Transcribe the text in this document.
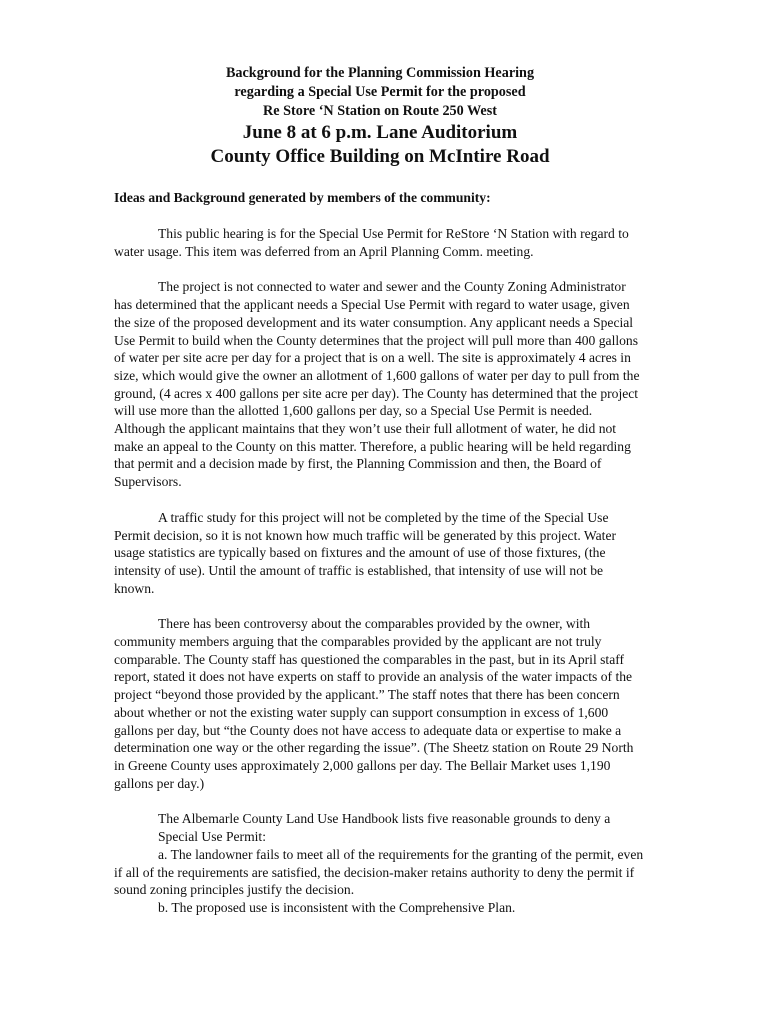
Background for the Planning Commission Hearing
regarding a Special Use Permit for the proposed
Re Store ‘N Station on Route 250 West
June 8 at 6 p.m. Lane Auditorium
County Office Building on McIntire Road
Ideas and Background generated by members of the community:

This public hearing is for the Special Use Permit for ReStore ‘N Station with regard to water usage. This item was deferred from an April Planning Comm. meeting.

The project is not connected to water and sewer and the County Zoning Administrator has determined that the applicant needs a Special Use Permit with regard to water usage, given the size of the proposed development and its water consumption. Any applicant needs a Special Use Permit to build when the County determines that the project will pull more than 400 gallons of water per site acre per day for a project that is on a well. The site is approximately 4 acres in size, which would give the owner an allotment of 1,600 gallons of water per day to pull from the ground, (4 acres x 400 gallons per site acre per day). The County has determined that the project will use more than the allotted 1,600 gallons per day, so a Special Use Permit is needed. Although the applicant maintains that they won’t use their full allotment of water, he did not make an appeal to the County on this matter. Therefore, a public hearing will be held regarding that permit and a decision made by first, the Planning Commission and then, the Board of Supervisors.

A traffic study for this project will not be completed by the time of the Special Use Permit decision, so it is not known how much traffic will be generated by this project. Water usage statistics are typically based on fixtures and the amount of use of those fixtures, (the intensity of use). Until the amount of traffic is established, that intensity of use will not be known.

There has been controversy about the comparables provided by the owner, with community members arguing that the comparables provided by the applicant are not truly comparable. The County staff has questioned the comparables in the past, but in its April staff report, stated it does not have experts on staff to provide an analysis of the water impacts of the project “beyond those provided by the applicant.” The staff notes that there has been concern about whether or not the existing water supply can support consumption in excess of 1,600 gallons per day, but “the County does not have access to adequate data or expertise to make a determination one way or the other regarding the issue”. (The Sheetz station on Route 29 North in Greene County uses approximately 2,000 gallons per day. The Bellair Market uses 1,190 gallons per day.)

The Albemarle County Land Use Handbook lists five reasonable grounds to deny a Special Use Permit:

a. The landowner fails to meet all of the requirements for the granting of the permit, even if all of the requirements are satisfied, the decision-maker retains authority to deny the permit if sound zoning principles justify the decision.

b. The proposed use is inconsistent with the Comprehensive Plan.
